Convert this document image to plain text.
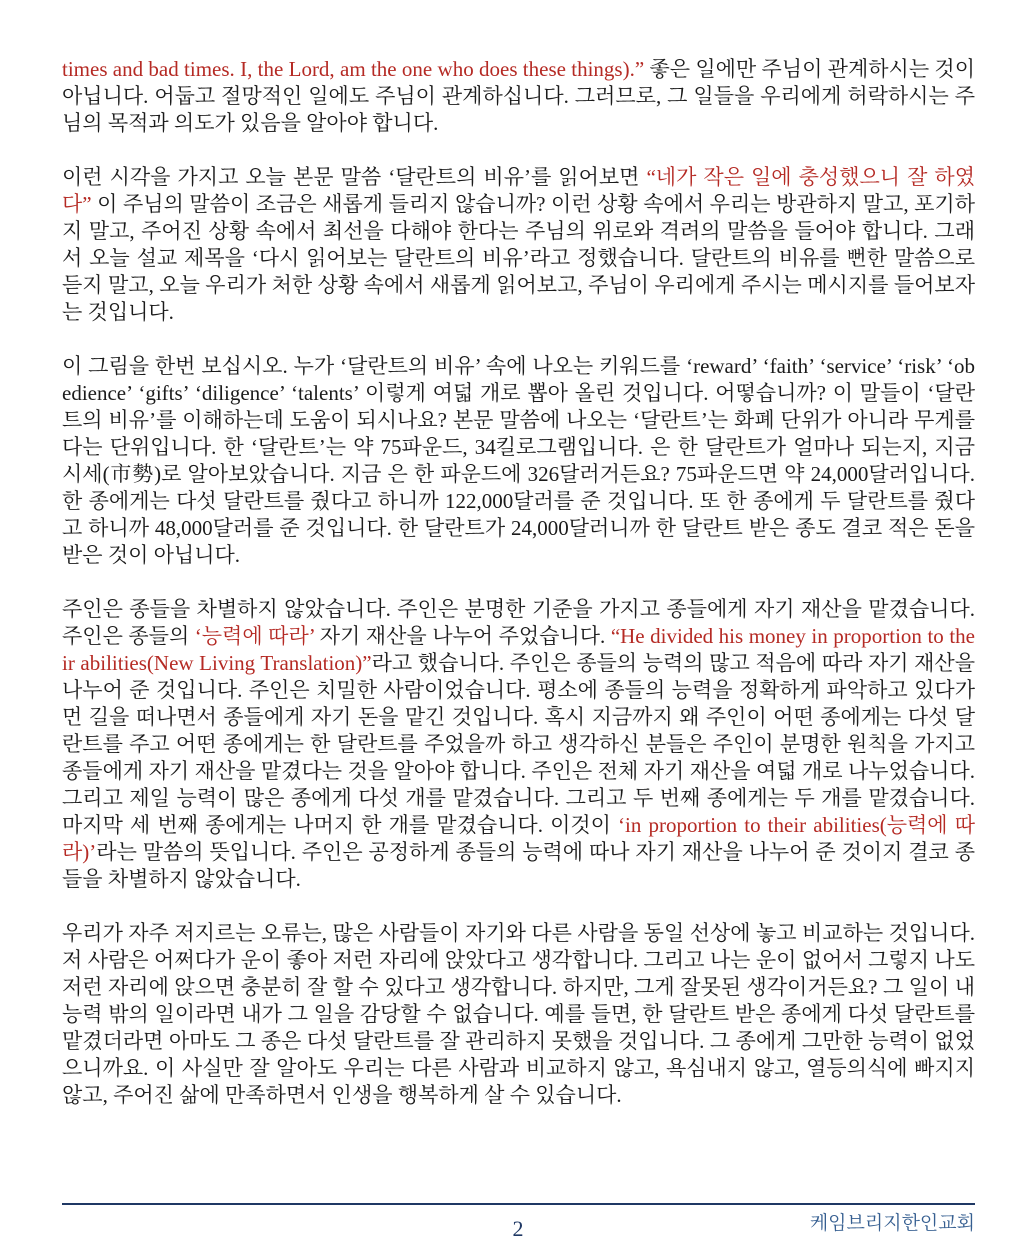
times and bad times. I, the Lord, am the one who does these things).” 좋은 일에만 주님이 관계하시는 것이 아닙니다. 어둡고 절망적인 일에도 주님이 관계하십니다. 그러므로, 그 일들을 우리에게 허락하시는 주님의 목적과 의도가 있음을 알아야 합니다.

이런 시각을 가지고 오늘 본문 말씀 ‘달란트의 비유’를 읽어보면 “네가 작은 일에 충성했으니 잘 하였다” 이 주님의 말씀이 조금은 새롭게 들리지 않습니까? 이런 상황 속에서 우리는 방관하지 말고, 포기하지 말고, 주어진 상황 속에서 최선을 다해야 한다는 주님의 위로와 격려의 말씀을 들어야 합니다. 그래서 오늘 설교 제목을 ‘다시 읽어보는 달란트의 비유’라고 정했습니다. 달란트의 비유를 뻔한 말씀으로 듣지 말고, 오늘 우리가 처한 상황 속에서 새롭게 읽어보고, 주님이 우리에게 주시는 메시지를 들어보자는 것입니다.

이 그림을 한번 보십시오. 누가 ‘달란트의 비유’ 속에 나오는 키워드를 ‘reward’ ‘faith’ ‘service’ ‘risk’ ‘obedience’ ‘gifts’ ‘diligence’ ‘talents’ 이렇게 여덟 개로 뽑아 올린 것입니다. 어떻습니까? 이 말들이 ‘달란트의 비유’를 이해하는데 도움이 되시나요? 본문 말씀에 나오는 ‘달란트’는 화폐 단위가 아니라 무게를 다는 단위입니다. 한 ‘달란트’는 약 75파운드, 34킬로그램입니다. 은 한 달란트가 얼마나 되는지, 지금 시세(市勢)로 알아보았습니다. 지금 은 한 파운드에 326달러거든요? 75파운드면 약 24,000달러입니다. 한 종에게는 다섯 달란트를 줬다고 하니까 122,000달러를 준 것입니다. 또 한 종에게 두 달란트를 줬다고 하니까 48,000달러를 준 것입니다. 한 달란트가 24,000달러니까 한 달란트 받은 종도 결코 적은 돈을 받은 것이 아닙니다.

주인은 종들을 차별하지 않았습니다. 주인은 분명한 기준을 가지고 종들에게 자기 재산을 맡겼습니다. 주인은 종들의 ‘능력에 따라’ 자기 재산을 나누어 주었습니다. “He divided his money in proportion to their abilities(New Living Translation)”라고 했습니다. 주인은 종들의 능력의 많고 적음에 따라 자기 재산을 나누어 준 것입니다. 주인은 치밀한 사람이었습니다. 평소에 종들의 능력을 정확하게 파악하고 있다가 먼 길을 떠나면서 종들에게 자기 돈을 맡긴 것입니다. 혹시 지금까지 왜 주인이 어떤 종에게는 다섯 달란트를 주고 어떤 종에게는 한 달란트를 주었을까 하고 생각하신 분들은 주인이 분명한 원칙을 가지고 종들에게 자기 재산을 맡겼다는 것을 알아야 합니다. 주인은 전체 자기 재산을 여덟 개로 나누었습니다. 그리고 제일 능력이 많은 종에게 다섯 개를 맡겼습니다. 그리고 두 번째 종에게는 두 개를 맡겼습니다. 마지막 세 번째 종에게는 나머지 한 개를 맡겼습니다. 이것이 ‘in proportion to their abilities(능력에 따라)’라는 말씀의 뜻입니다. 주인은 공정하게 종들의 능력에 따나 자기 재산을 나누어 준 것이지 결코 종들을 차별하지 않았습니다.

우리가 자주 저지르는 오류는, 많은 사람들이 자기와 다른 사람을 동일 선상에 놓고 비교하는 것입니다. 저 사람은 어쩌다가 운이 좋아 저런 자리에 앉았다고 생각합니다. 그리고 나는 운이 없어서 그렇지 나도 저런 자리에 앉으면 충분히 잘 할 수 있다고 생각합니다. 하지만, 그게 잘못된 생각이거든요? 그 일이 내 능력 밖의 일이라면 내가 그 일을 감당할 수 없습니다. 예를 들면, 한 달란트 받은 종에게 다섯 달란트를 맡겼더라면 아마도 그 종은 다섯 달란트를 잘 관리하지 못했을 것입니다. 그 종에게 그만한 능력이 없었으니까요. 이 사실만 잘 알아도 우리는 다른 사람과 비교하지 않고, 욕심내지 않고, 열등의식에 빠지지 않고, 주어진 삶에 만족하면서 인생을 행복하게 살 수 있습니다.

케임브리지한인교회
2
